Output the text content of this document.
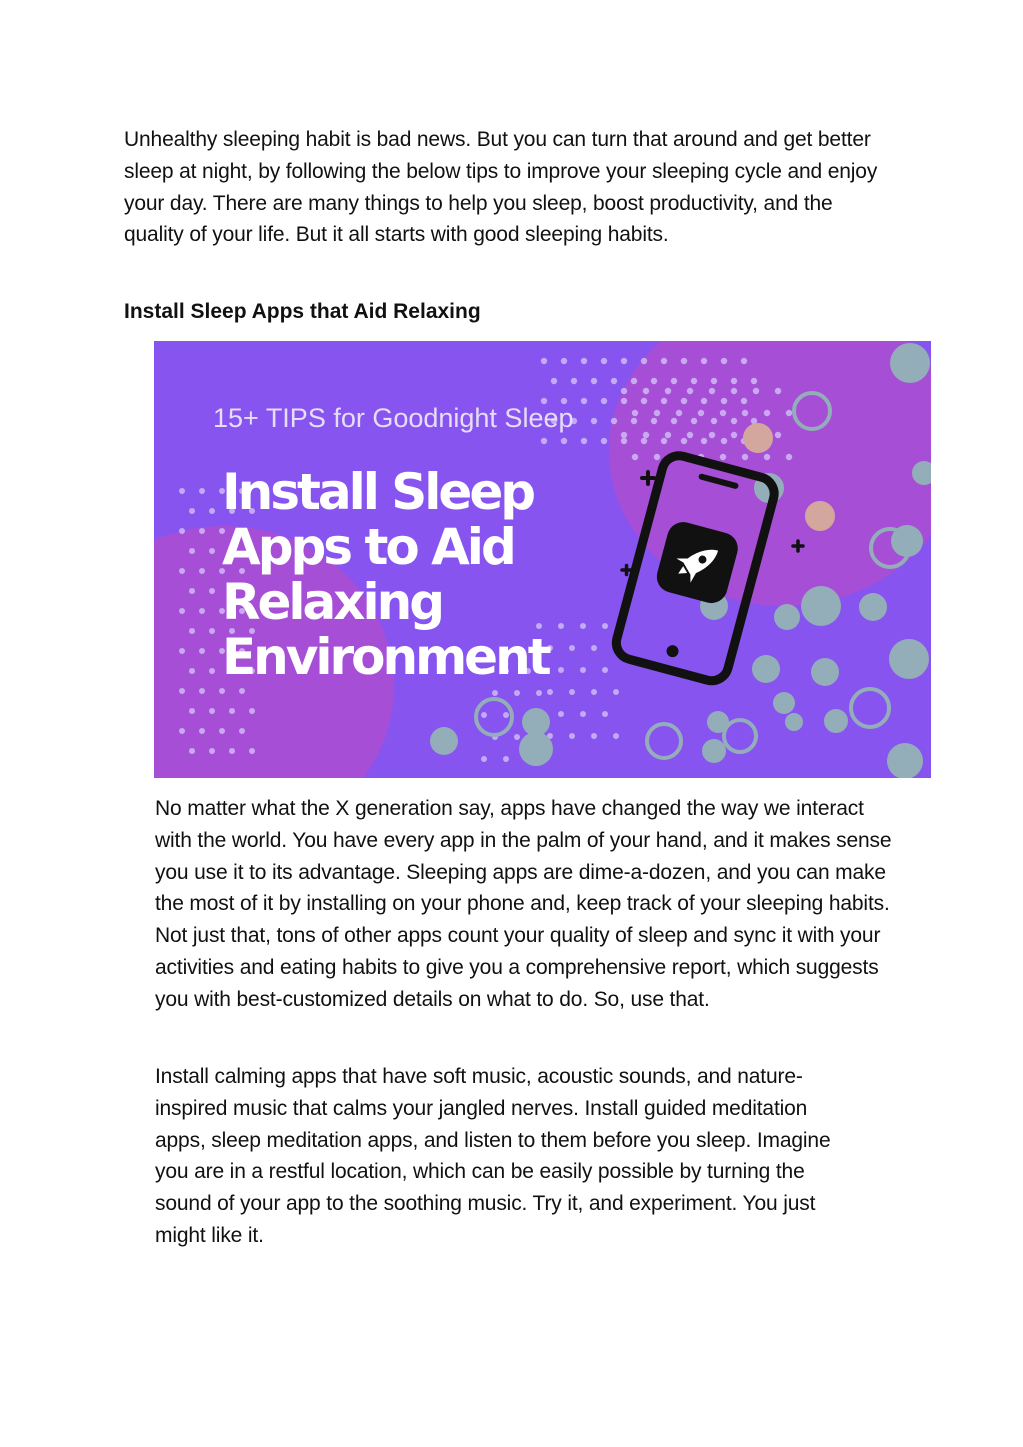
Unhealthy sleeping habit is bad news. But you can turn that around and get better sleep at night, by following the below tips to improve your sleeping cycle and enjoy your day. There are many things to help you sleep, boost productivity, and the quality of your life. But it all starts with good sleeping habits.

Install Sleep Apps that Aid Relaxing
15+ TIPS for Goodnight Sleep
Install Sleep
Apps to Aid
Relaxing
Environment

No matter what the X generation say, apps have changed the way we interact with the world. You have every app in the palm of your hand, and it makes sense you use it to its advantage. Sleeping apps are dime-a-dozen, and you can make the most of it by installing on your phone and, keep track of your sleeping habits. Not just that, tons of other apps count your quality of sleep and sync it with your activities and eating habits to give you a comprehensive report, which suggests you with best-customized details on what to do. So, use that.

Install calming apps that have soft music, acoustic sounds, and nature-inspired music that calms your jangled nerves. Install guided meditation apps, sleep meditation apps, and listen to them before you sleep. Imagine you are in a restful location, which can be easily possible by turning the sound of your app to the soothing music. Try it, and experiment. You just might like it.
